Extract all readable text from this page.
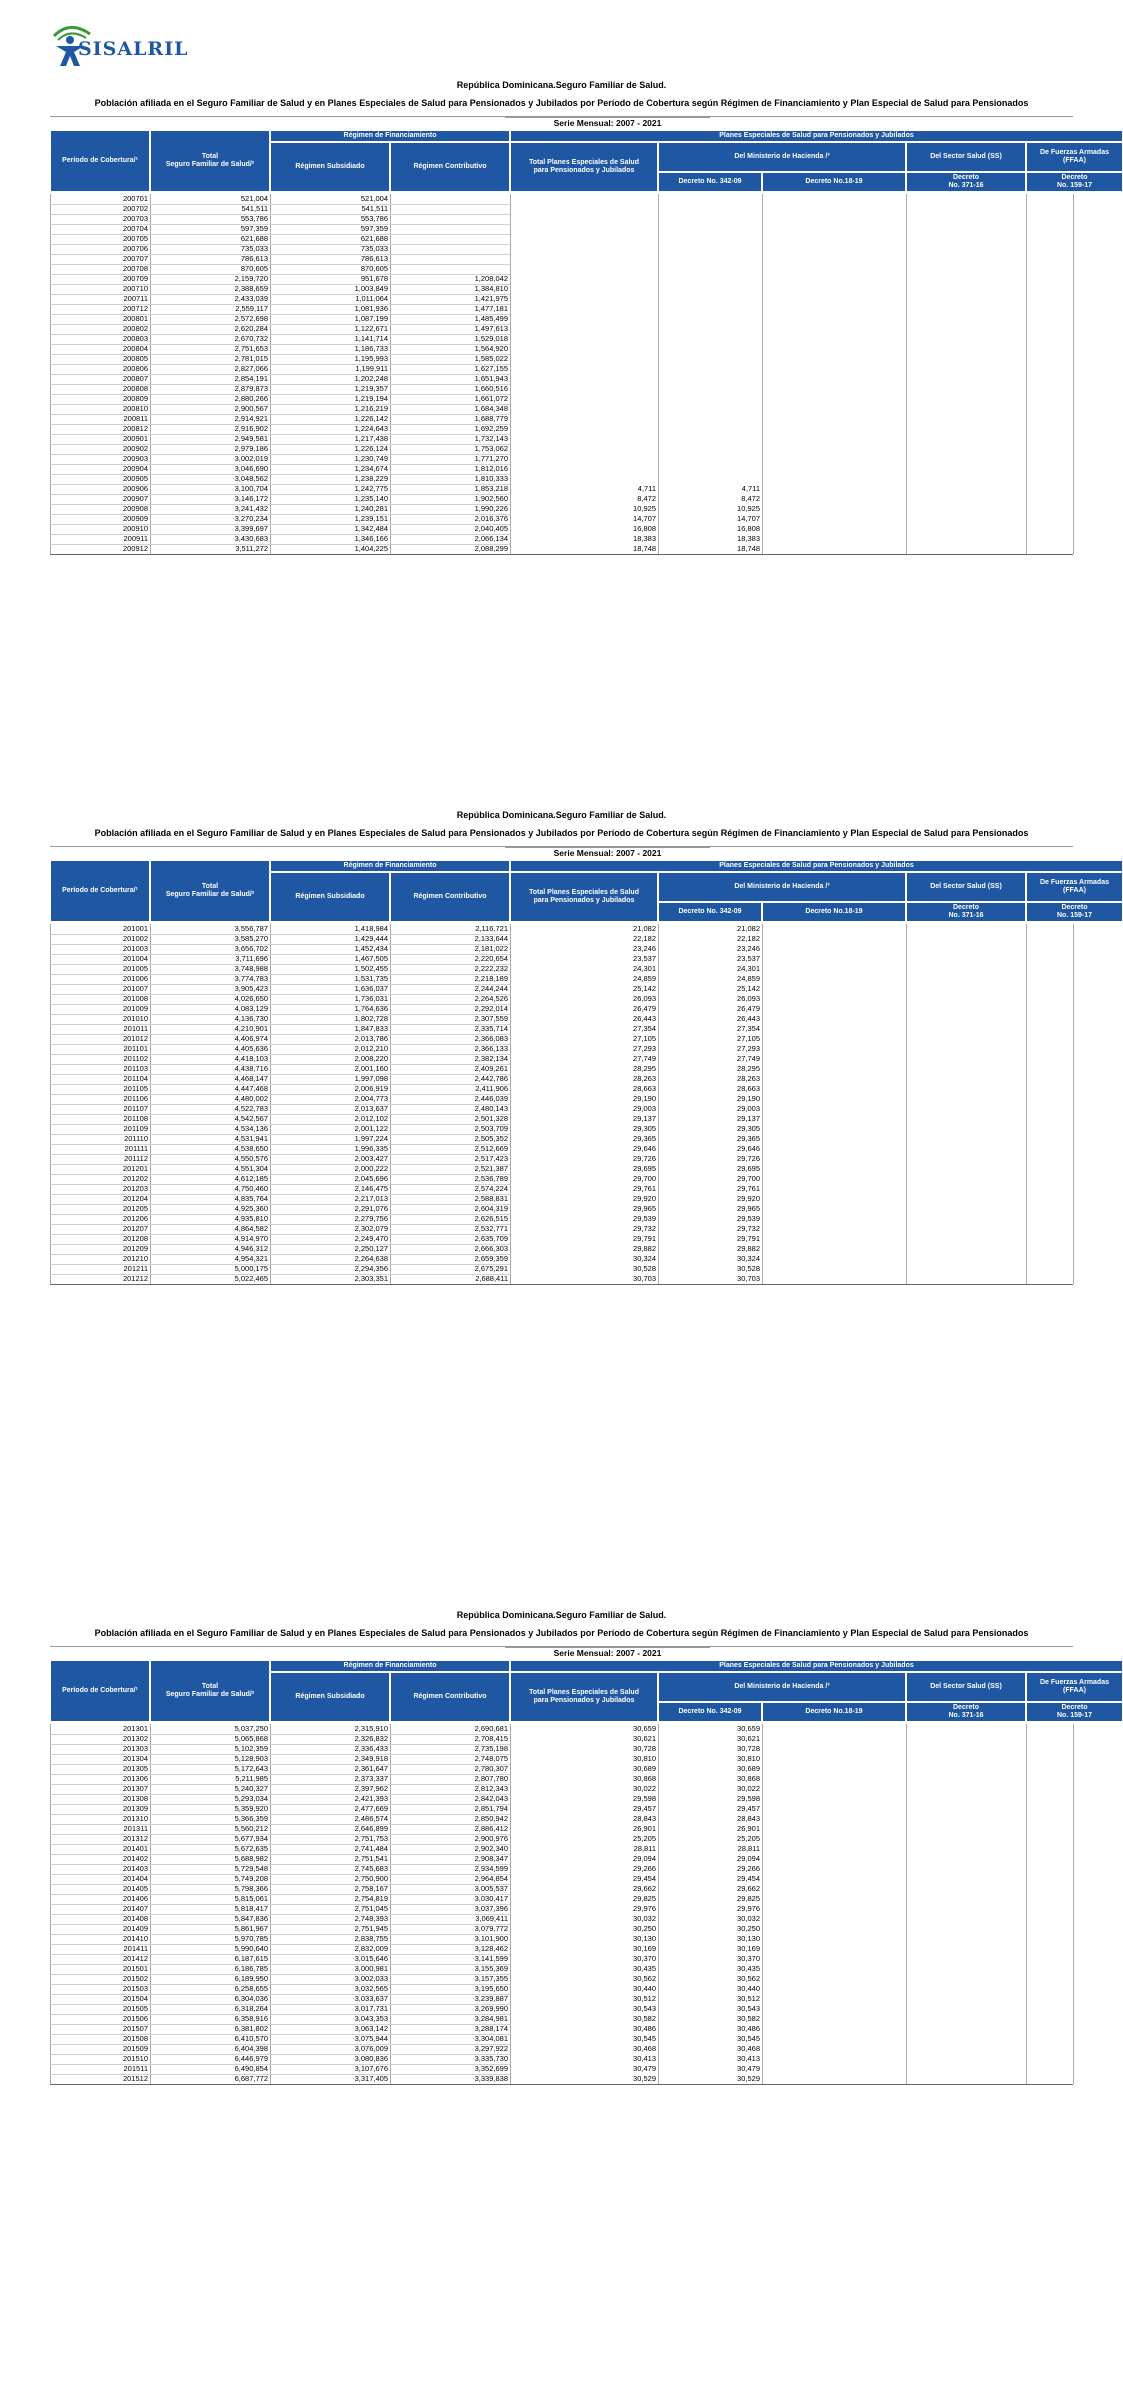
SISALRIL
República Dominicana.Seguro Familiar de Salud.
Población afiliada en el Seguro Familiar de Salud y en Planes Especiales de Salud para Pensionados y Jubilados por Período de Cobertura según Régimen de Financiamiento y Plan Especial de Salud para Pensionados
Serie Mensual: 2007 - 2021
Período de Cobertura/¹
Total
Seguro Familiar de Salud/²
Régimen de Financiamiento
Régimen Subsidiado	Régimen Contributivo
Planes Especiales de Salud para Pensionados y Jubilados
Total Planes Especiales de Salud
para Pensionados y Jubilados
Del Ministerio de Hacienda /³
Decreto No. 342-09	Decreto No.18-19
Del Sector Salud (SS)
Decreto
No. 371-16
De Fuerzas Armadas
(FFAA)
Decreto
No. 159-17
200701	521,004	521,004
200702	541,511	541,511
200703	553,786	553,786
200704	597,359	597,359
200705	621,688	621,688
200706	735,033	735,033
200707	786,613	786,613
200708	870,605	870,605
200709	2,159,720	951,678	1,208,042
200710	2,388,659	1,003,849	1,384,810
200711	2,433,039	1,011,064	1,421,975
200712	2,559,117	1,081,936	1,477,181
200801	2,572,698	1,087,199	1,485,499
200802	2,620,284	1,122,671	1,497,613
200803	2,670,732	1,141,714	1,529,018
200804	2,751,653	1,186,733	1,564,920
200805	2,781,015	1,195,993	1,585,022
200806	2,827,066	1,199,911	1,627,155
200807	2,854,191	1,202,248	1,651,943
200808	2,879,873	1,219,357	1,660,516
200809	2,880,266	1,219,194	1,661,072
200810	2,900,567	1,216,219	1,684,348
200811	2,914,921	1,226,142	1,688,779
200812	2,916,902	1,224,643	1,692,259
200901	2,949,581	1,217,438	1,732,143
200902	2,979,186	1,226,124	1,753,062
200903	3,002,019	1,230,749	1,771,270
200904	3,046,690	1,234,674	1,812,016
200905	3,048,562	1,238,229	1,810,333
200906	3,100,704	1,242,775	1,853,218	4,711	4,711
200907	3,146,172	1,235,140	1,902,560	8,472	8,472
200908	3,241,432	1,240,281	1,990,226	10,925	10,925
200909	3,270,234	1,239,151	2,016,376	14,707	14,707
200910	3,399,697	1,342,484	2,040,405	16,808	16,808
200911	3,430,683	1,346,166	2,066,134	18,383	18,383
200912	3,511,272	1,404,225	2,088,299	18,748	18,748
República Dominicana.Seguro Familiar de Salud.
Población afiliada en el Seguro Familiar de Salud y en Planes Especiales de Salud para Pensionados y Jubilados por Período de Cobertura según Régimen de Financiamiento y Plan Especial de Salud para Pensionados
Serie Mensual: 2007 - 2021
Período de Cobertura/¹
Total
Seguro Familiar de Salud/²
Régimen de Financiamiento
Régimen Subsidiado	Régimen Contributivo
Planes Especiales de Salud para Pensionados y Jubilados
Total Planes Especiales de Salud
para Pensionados y Jubilados
Del Ministerio de Hacienda /³
Decreto No. 342-09	Decreto No.18-19
Del Sector Salud (SS)
Decreto
No. 371-16
De Fuerzas Armadas
(FFAA)
Decreto
No. 159-17
201001	3,556,787	1,418,984	2,116,721	21,082	21,082
201002	3,585,270	1,429,444	2,133,644	22,182	22,182
201003	3,656,702	1,452,434	2,181,022	23,246	23,246
201004	3,711,696	1,467,505	2,220,654	23,537	23,537
201005	3,748,988	1,502,455	2,222,232	24,301	24,301
201006	3,774,783	1,531,735	2,218,189	24,859	24,859
201007	3,905,423	1,636,037	2,244,244	25,142	25,142
201008	4,026,650	1,736,031	2,264,526	26,093	26,093
201009	4,083,129	1,764,636	2,292,014	26,479	26,479
201010	4,136,730	1,802,728	2,307,559	26,443	26,443
201011	4,210,901	1,847,833	2,335,714	27,354	27,354
201012	4,406,974	2,013,786	2,366,083	27,105	27,105
201101	4,405,636	2,012,210	2,366,133	27,293	27,293
201102	4,418,103	2,008,220	2,382,134	27,749	27,749
201103	4,438,716	2,001,160	2,409,261	28,295	28,295
201104	4,468,147	1,997,098	2,442,786	28,263	28,263
201105	4,447,468	2,006,919	2,411,906	28,663	28,663
201106	4,480,002	2,004,773	2,446,039	29,190	29,190
201107	4,522,783	2,013,637	2,480,143	29,003	29,003
201108	4,542,567	2,012,102	2,501,328	29,137	29,137
201109	4,534,136	2,001,122	2,503,709	29,305	29,305
201110	4,531,941	1,997,224	2,505,352	29,365	29,365
201111	4,538,650	1,996,335	2,512,669	29,646	29,646
201112	4,550,576	2,003,427	2,517,423	29,726	29,726
201201	4,551,304	2,000,222	2,521,387	29,695	29,695
201202	4,612,185	2,045,696	2,536,789	29,700	29,700
201203	4,750,460	2,146,475	2,574,224	29,761	29,761
201204	4,835,764	2,217,013	2,588,831	29,920	29,920
201205	4,925,360	2,291,076	2,604,319	29,965	29,965
201206	4,935,810	2,279,756	2,626,515	29,539	29,539
201207	4,864,582	2,302,079	2,532,771	29,732	29,732
201208	4,914,970	2,249,470	2,635,709	29,791	29,791
201209	4,946,312	2,250,127	2,666,303	29,882	29,882
201210	4,954,321	2,264,638	2,659,359	30,324	30,324
201211	5,000,175	2,294,356	2,675,291	30,528	30,528
201212	5,022,465	2,303,351	2,688,411	30,703	30,703
República Dominicana.Seguro Familiar de Salud.
Población afiliada en el Seguro Familiar de Salud y en Planes Especiales de Salud para Pensionados y Jubilados por Período de Cobertura según Régimen de Financiamiento y Plan Especial de Salud para Pensionados
Serie Mensual: 2007 - 2021
Período de Cobertura/¹
Total
Seguro Familiar de Salud/²
Régimen de Financiamiento
Régimen Subsidiado	Régimen Contributivo
Planes Especiales de Salud para Pensionados y Jubilados
Total Planes Especiales de Salud
para Pensionados y Jubilados
Del Ministerio de Hacienda /³
Decreto No. 342-09	Decreto No.18-19
Del Sector Salud (SS)
Decreto
No. 371-16
De Fuerzas Armadas
(FFAA)
Decreto
No. 159-17
201301	5,037,250	2,315,910	2,690,681	30,659	30,659
201302	5,065,868	2,326,832	2,708,415	30,621	30,621
201303	5,102,359	2,336,433	2,735,198	30,728	30,728
201304	5,128,903	2,349,918	2,748,075	30,810	30,810
201305	5,172,643	2,361,647	2,780,307	30,689	30,689
201306	5,211,985	2,373,337	2,807,780	30,868	30,868
201307	5,240,327	2,397,962	2,812,343	30,022	30,022
201308	5,293,034	2,421,393	2,842,043	29,598	29,598
201309	5,359,920	2,477,669	2,851,794	29,457	29,457
201310	5,366,359	2,486,574	2,850,942	28,843	28,843
201311	5,560,212	2,646,899	2,886,412	26,901	26,901
201312	5,677,934	2,751,753	2,900,976	25,205	25,205
201401	5,672,635	2,741,484	2,902,340	28,811	28,811
201402	5,688,982	2,751,541	2,908,347	29,094	29,094
201403	5,729,548	2,745,683	2,934,599	29,266	29,266
201404	5,749,208	2,750,900	2,964,854	29,454	29,454
201405	5,798,366	2,758,167	3,005,537	29,662	29,662
201406	5,815,061	2,754,819	3,030,417	29,825	29,825
201407	5,818,417	2,751,045	3,037,396	29,976	29,976
201408	5,847,836	2,748,393	3,069,411	30,032	30,032
201409	5,861,967	2,751,945	3,079,772	30,250	30,250
201410	5,970,785	2,838,755	3,101,900	30,130	30,130
201411	5,990,640	2,832,009	3,128,462	30,169	30,169
201412	6,187,615	3,015,646	3,141,599	30,370	30,370
201501	6,186,785	3,000,981	3,155,369	30,435	30,435
201502	6,189,950	3,002,033	3,157,355	30,562	30,562
201503	6,258,655	3,032,565	3,195,650	30,440	30,440
201504	6,304,036	3,033,637	3,239,887	30,512	30,512
201505	6,318,264	3,017,731	3,269,990	30,543	30,543
201506	6,358,916	3,043,353	3,284,981	30,582	30,582
201507	6,381,802	3,063,142	3,288,174	30,486	30,486
201508	6,410,570	3,075,944	3,304,081	30,545	30,545
201509	6,404,398	3,076,009	3,297,922	30,468	30,468
201510	6,446,979	3,080,836	3,335,730	30,413	30,413
201511	6,490,854	3,107,676	3,352,699	30,479	30,479
201512	6,687,772	3,317,405	3,339,838	30,529	30,529
